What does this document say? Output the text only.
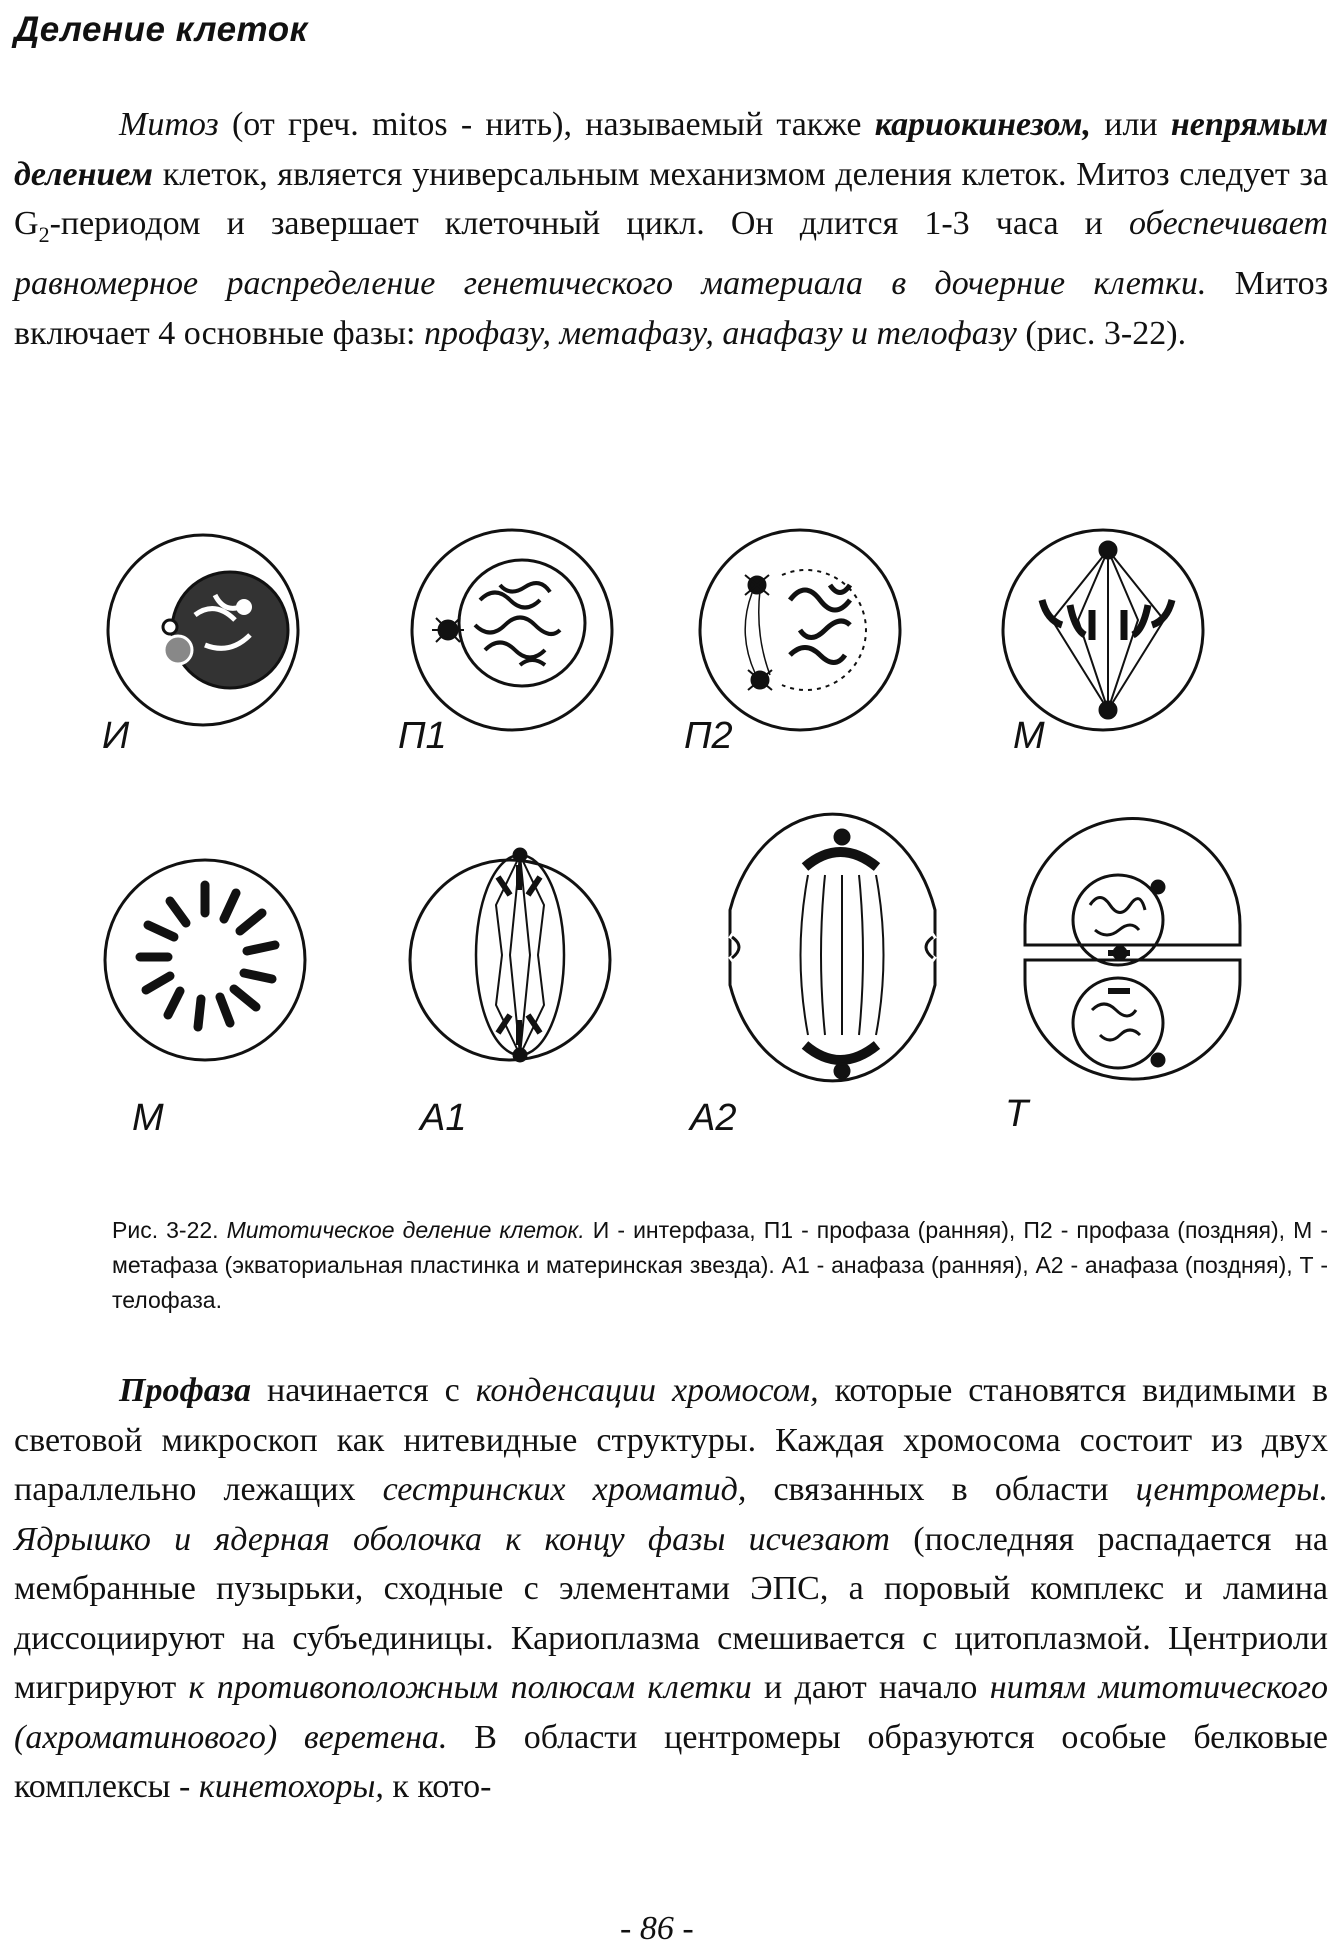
Деление клеток

Митоз (от греч. mitos - нить), называемый также кариокинезом, или непрямым делением клеток, является универсальным механизмом деления клеток. Митоз следует за $G_2$-периодом и завершает клеточный цикл. Он длится 1-3 часа и обеспечивает равномерное распределение генетического материала в дочерние клетки. Митоз включает 4 основные фазы: профазу, метафазу, анафазу и телофазу (рис. 3-22).

И	П1	П2	М
М	А1	А2	Т
Рис. 3-22. Митотическое деление клеток. И - интерфаза, П1 - профаза (ранняя), П2 - профаза (поздняя), М - метафаза (экваториальная пластинка и материнская звезда). А1 - анафаза (ранняя), А2 - анафаза (поздняя), Т - телофаза.

Профаза начинается с конденсации хромосом, которые становятся видимыми в световой микроскоп как нитевидные структуры. Каждая хромосома состоит из двух параллельно лежащих сестринских хроматид, связанных в области центромеры. Ядрышко и ядерная оболочка к концу фазы исчезают (последняя распадается на мембранные пузырьки, сходные с элементами ЭПС, а поровый комплекс и ламина диссоциируют на субъединицы. Кариоплазма смешивается с цитоплазмой. Центриоли мигрируют к противоположным полюсам клетки и дают начало нитям митотического (ахроматинового) веретена. В области центромеры образуются особые белковые комплексы - кинетохоры, к кото-

- 86 -
